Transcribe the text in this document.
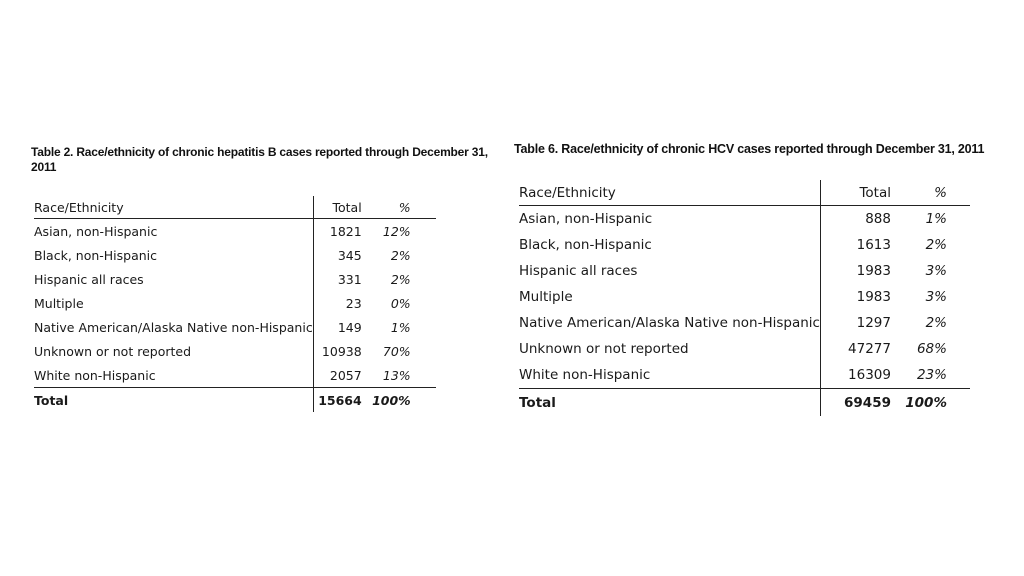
Table 2. Race/ethnicity of chronic hepatitis B cases reported through December 31, 2011
Race/Ethnicity	Total	%
Asian, non-Hispanic	1821	12%
Black, non-Hispanic	345	2%
Hispanic all races	331	2%
Multiple	23	0%
Native American/Alaska Native non-Hispanic	149	1%
Unknown or not reported	10938	70%
White non-Hispanic	2057	13%
Total	15664	100%
Table 6. Race/ethnicity of chronic HCV cases reported through December 31, 2011
Race/Ethnicity	Total	%
Asian, non-Hispanic	888	1%
Black, non-Hispanic	1613	2%
Hispanic all races	1983	3%
Multiple	1983	3%
Native American/Alaska Native non-Hispanic	1297	2%
Unknown or not reported	47277	68%
White non-Hispanic	16309	23%
Total	69459	100%
